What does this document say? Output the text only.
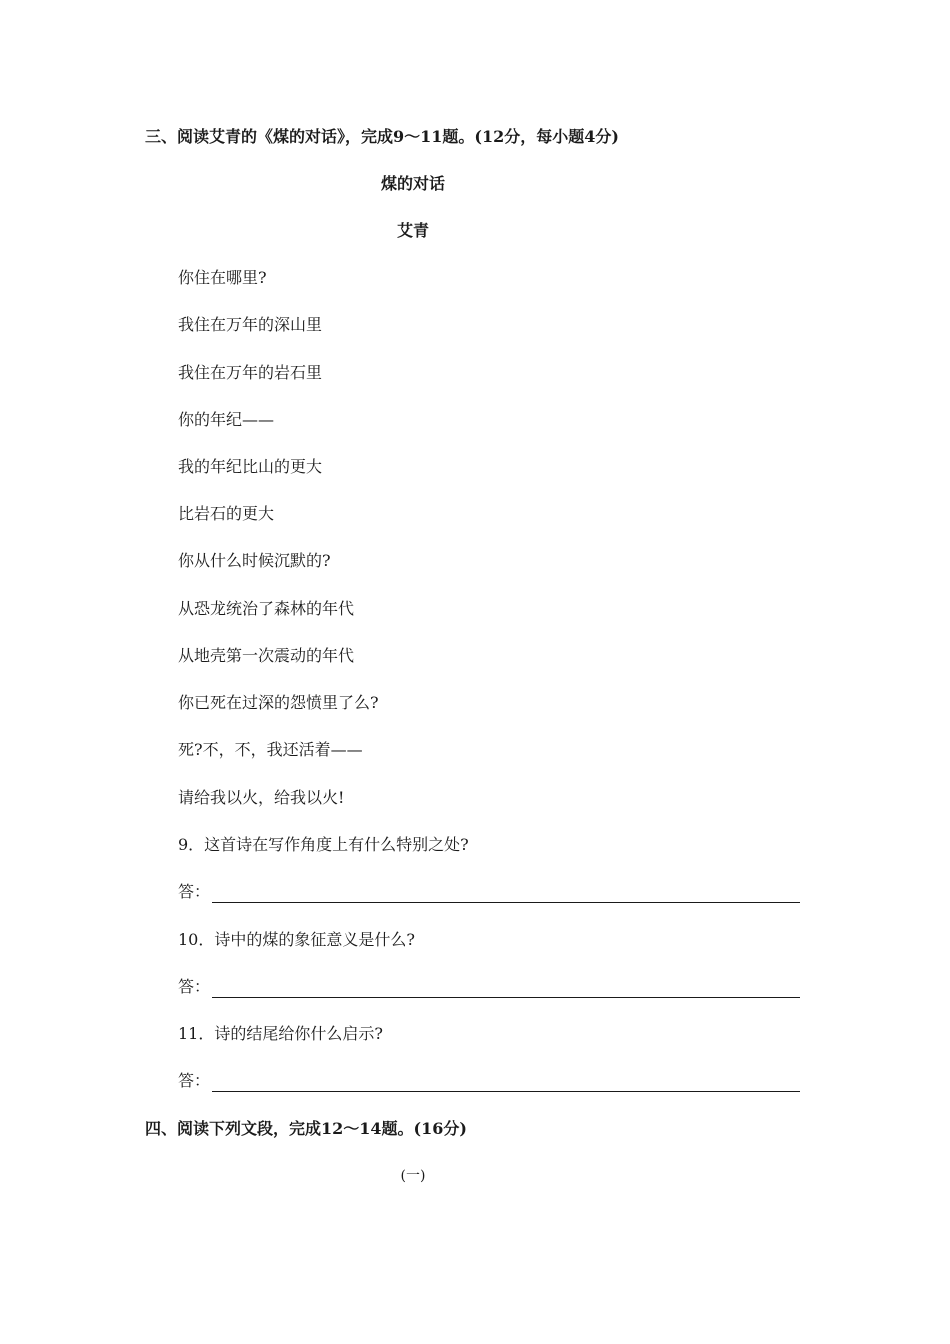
三、阅读艾青的《煤的对话》，完成9～11题。(12分，每小题4分)
煤的对话
艾青
你住在哪里?
我住在万年的深山里
我住在万年的岩石里
你的年纪——
我的年纪比山的更大
比岩石的更大
你从什么时候沉默的?
从恐龙统治了森林的年代
从地壳第一次震动的年代
你已死在过深的怨愤里了么?
死?不，不，我还活着——
请给我以火，给我以火!
9．这首诗在写作角度上有什么特别之处?
答：
10．诗中的煤的象征意义是什么?
答：
11．诗的结尾给你什么启示?
答：
四、阅读下列文段，完成12～14题。(16分)
(一)
